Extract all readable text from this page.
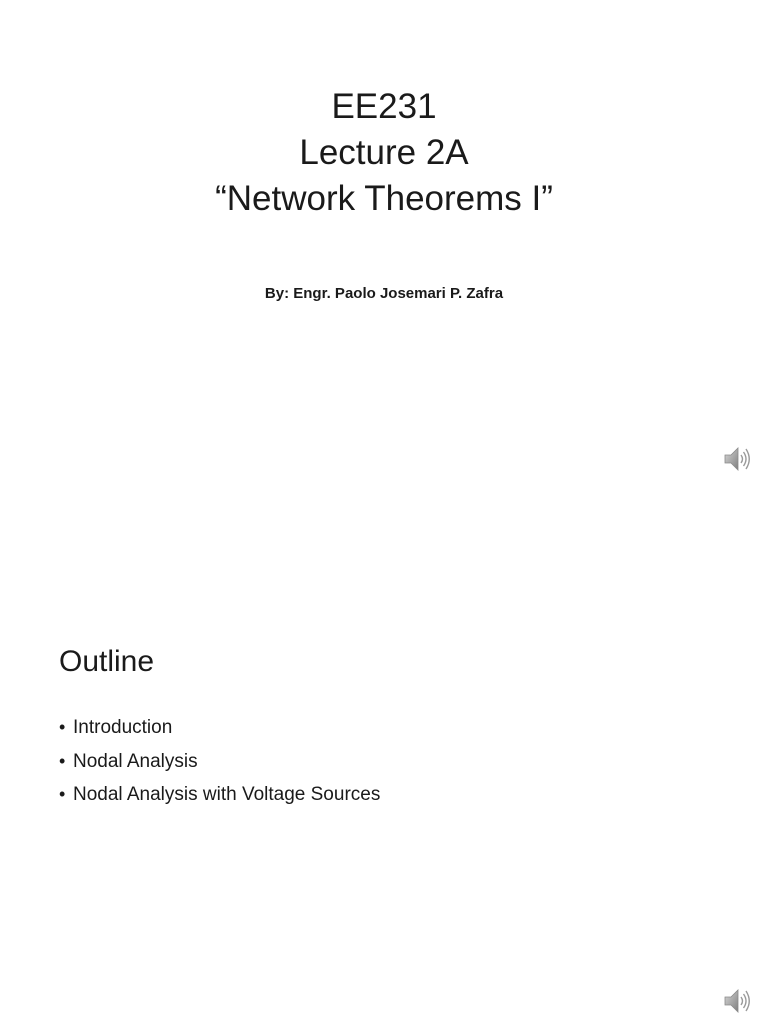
EE231
Lecture 2A
“Network Theorems I”
By: Engr. Paolo Josemari P. Zafra
Outline
• Introduction
• Nodal Analysis
• Nodal Analysis with Voltage Sources
